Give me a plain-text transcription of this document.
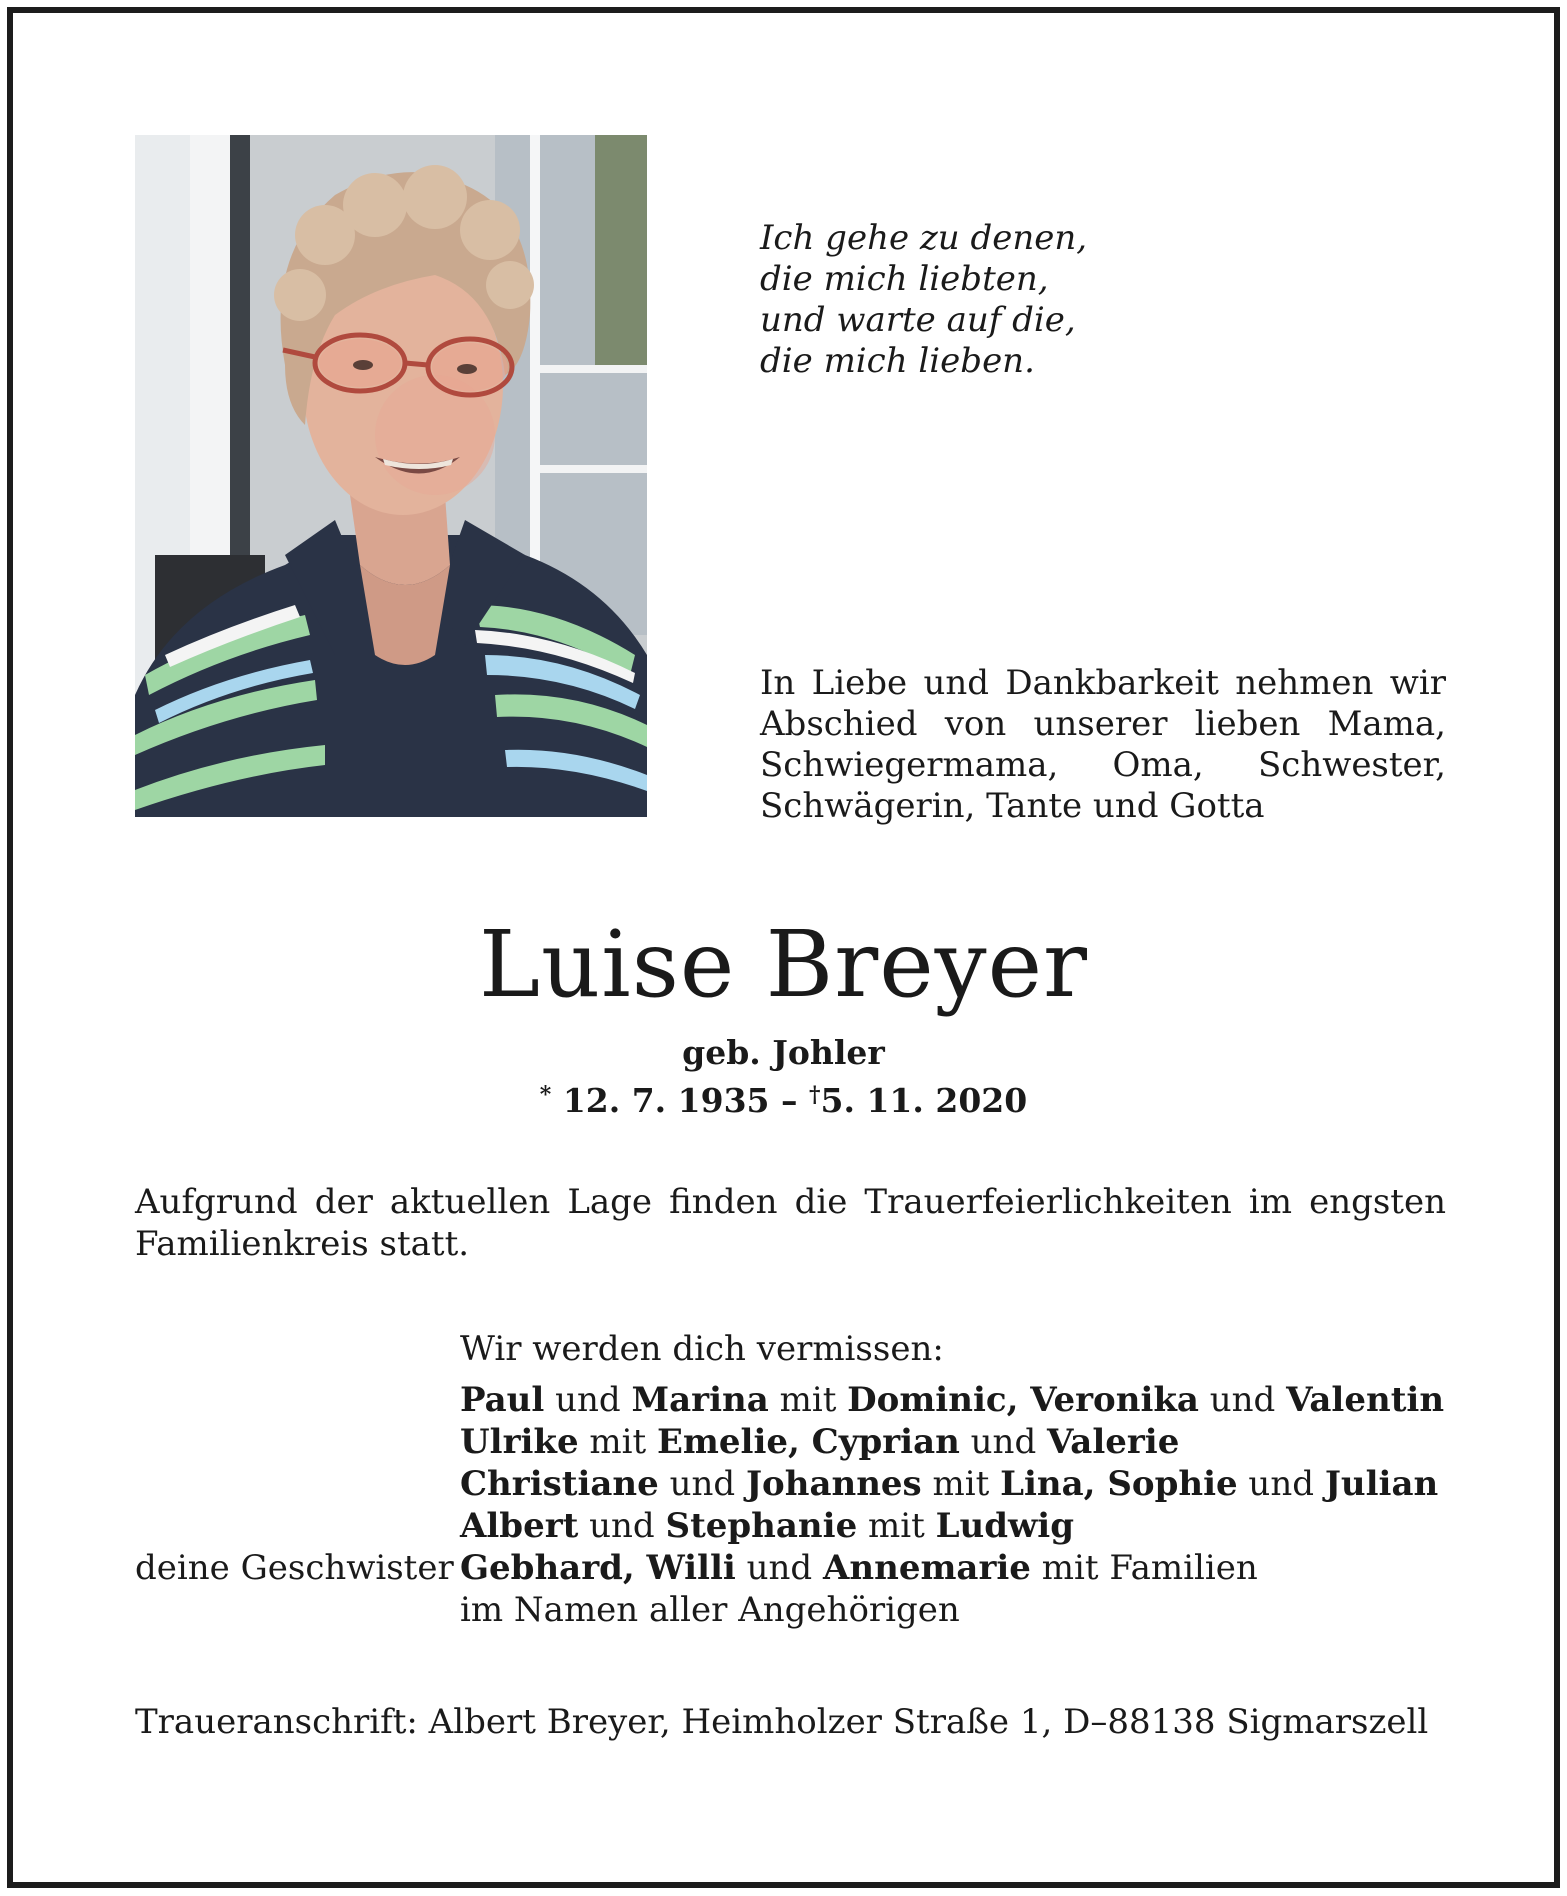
Ich gehe zu denen,
die mich liebten,
und warte auf die,
die mich lieben.

In Liebe und Dankbarkeit nehmen wir Abschied von unserer lieben Mama, Schwiegermama, Oma, Schwester, Schwägerin, Tante und Gotta

Luise Breyer
geb. Johler
* 12. 7. 1935 – †5. 11. 2020
Aufgrund der aktuellen Lage finden die Trauerfeierlichkeiten im engsten Familienkreis statt.
Wir werden dich vermissen:
Paul und Marina mit Dominic, Veronika und Valentin
Ulrike mit Emelie, Cyprian und Valerie
Christiane und Johannes mit Lina, Sophie und Julian
Albert und Stephanie mit Ludwig
Gebhard, Willi und Annemarie mit Familien
im Namen aller Angehörigen
deine Geschwister
Traueranschrift: Albert Breyer, Heimholzer Straße 1, D–88138 Sigmarszell
